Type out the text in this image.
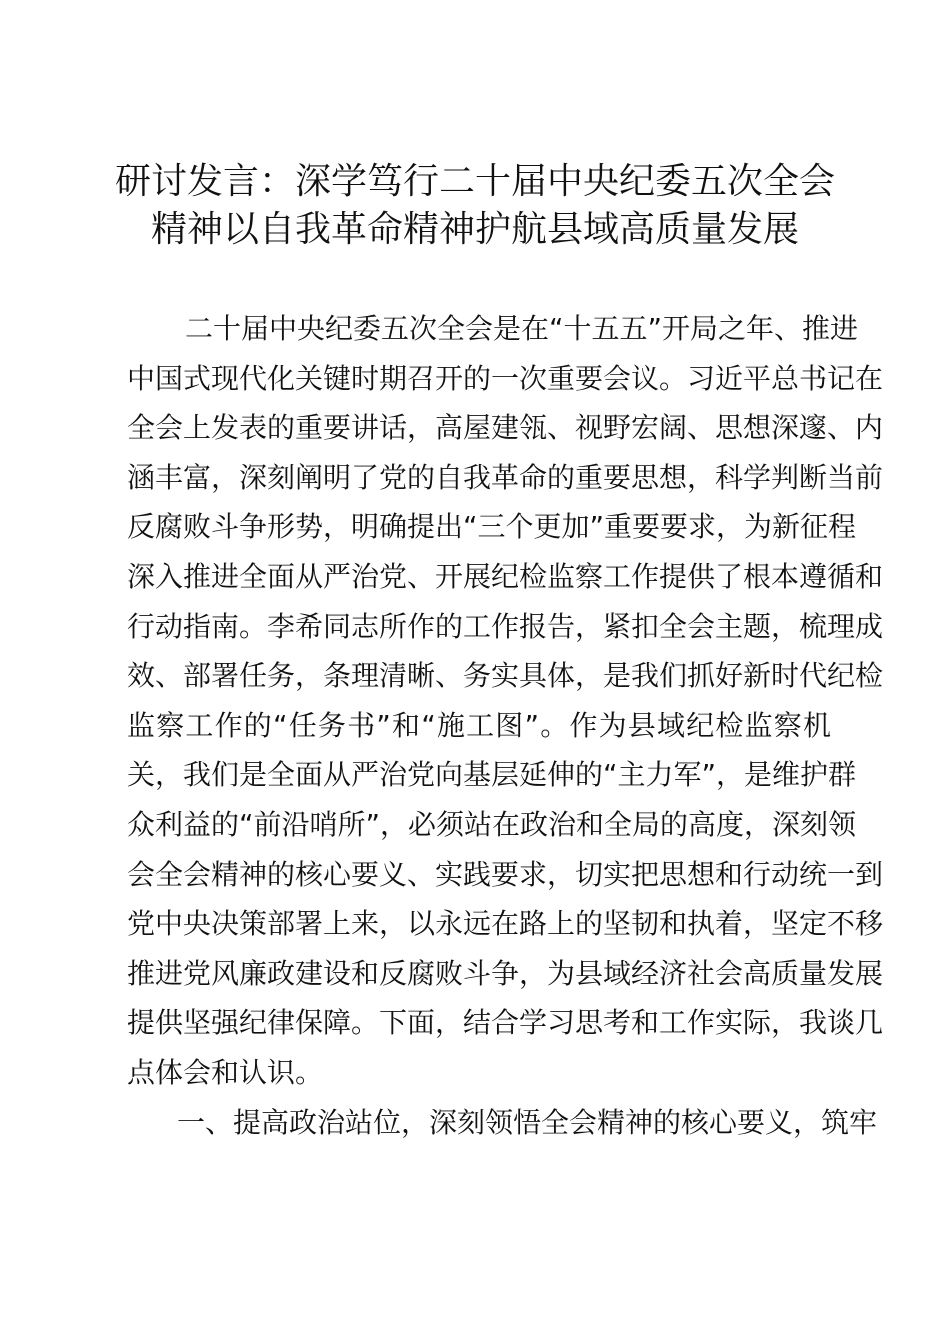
研讨发言：深学笃行二十届中央纪委五次全会
精神以自我革命精神护航县域高质量发展
二十届中央纪委五次全会是在“十五五”开局之年、推进
中国式现代化关键时期召开的一次重要会议。习近平总书记在
全会上发表的重要讲话，高屋建瓴、视野宏阔、思想深邃、内
涵丰富，深刻阐明了党的自我革命的重要思想，科学判断当前
反腐败斗争形势，明确提出“三个更加”重要要求，为新征程
深入推进全面从严治党、开展纪检监察工作提供了根本遵循和
行动指南。李希同志所作的工作报告，紧扣全会主题，梳理成
效、部署任务，条理清晰、务实具体，是我们抓好新时代纪检
监察工作的“任务书”和“施工图”。作为县域纪检监察机
关，我们是全面从严治党向基层延伸的“主力军”，是维护群
众利益的“前沿哨所”，必须站在政治和全局的高度，深刻领
会全会精神的核心要义、实践要求，切实把思想和行动统一到
党中央决策部署上来，以永远在路上的坚韧和执着，坚定不移
推进党风廉政建设和反腐败斗争，为县域经济社会高质量发展
提供坚强纪律保障。下面，结合学习思考和工作实际，我谈几
点体会和认识。
一、提高政治站位，深刻领悟全会精神的核心要义，筑牢
